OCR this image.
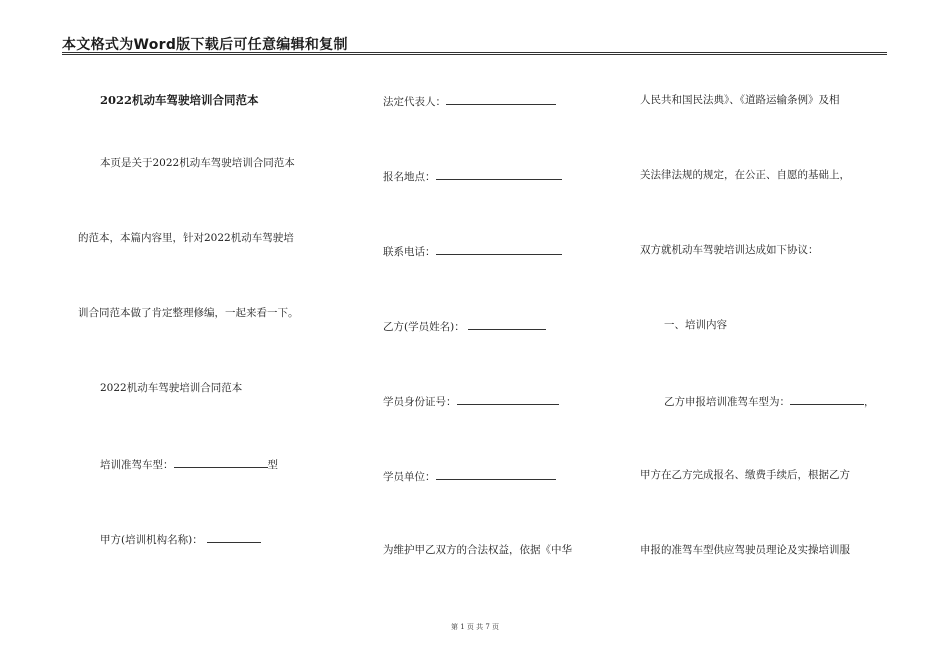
本文格式为Word版下载后可任意编辑和复制
2022机动车驾驶培训合同范本
本页是关于2022机动车驾驶培训合同范本
的范本，本篇内容里，针对2022机动车驾驶培
训合同范本做了肯定整理修编，一起来看一下。
2022机动车驾驶培训合同范本
培训准驾车型：	型
甲方(培训机构名称)：
法定代表人：
报名地点：
联系电话：
乙方(学员姓名)：
学员身份证号：
学员单位：
为维护甲乙双方的合法权益，依据《中华
人民共和国民法典》、《道路运输条例》及相
关法律法规的规定，在公正、自愿的基础上，
双方就机动车驾驶培训达成如下协议：
一、培训内容
乙方申报培训准驾车型为：	，
甲方在乙方完成报名、缴费手续后，根据乙方
申报的准驾车型供应驾驶员理论及实操培训服
第 1 页 共 7 页
